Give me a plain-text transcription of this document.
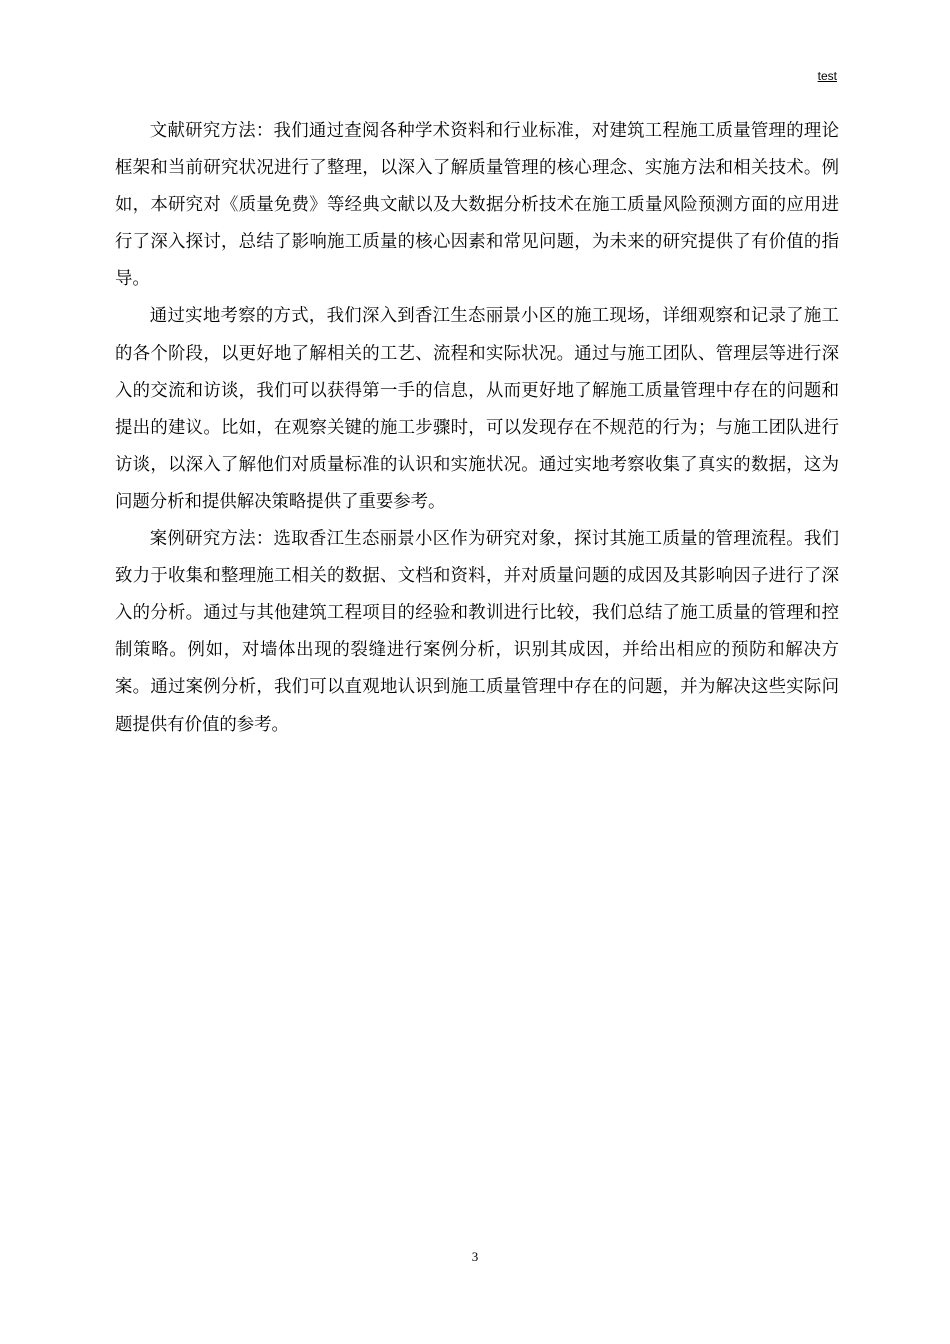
test

文献研究方法：我们通过查阅各种学术资料和行业标准，对建筑工程施工质量管理的理论框架和当前研究状况进行了整理，以深入了解质量管理的核心理念、实施方法和相关技术。例如，本研究对《质量免费》等经典文献以及大数据分析技术在施工质量风险预测方面的应用进行了深入探讨，总结了影响施工质量的核心因素和常见问题，为未来的研究提供了有价值的指导。

通过实地考察的方式，我们深入到香江生态丽景小区的施工现场，详细观察和记录了施工的各个阶段，以更好地了解相关的工艺、流程和实际状况。通过与施工团队、管理层等进行深入的交流和访谈，我们可以获得第一手的信息，从而更好地了解施工质量管理中存在的问题和提出的建议。比如，在观察关键的施工步骤时，可以发现存在不规范的行为；与施工团队进行访谈，以深入了解他们对质量标准的认识和实施状况。通过实地考察收集了真实的数据，这为问题分析和提供解决策略提供了重要参考。

案例研究方法：选取香江生态丽景小区作为研究对象，探讨其施工质量的管理流程。我们致力于收集和整理施工相关的数据、文档和资料，并对质量问题的成因及其影响因子进行了深入的分析。通过与其他建筑工程项目的经验和教训进行比较，我们总结了施工质量的管理和控制策略。例如，对墙体出现的裂缝进行案例分析，识别其成因，并给出相应的预防和解决方案。通过案例分析，我们可以直观地认识到施工质量管理中存在的问题，并为解决这些实际问题提供有价值的参考。

3
